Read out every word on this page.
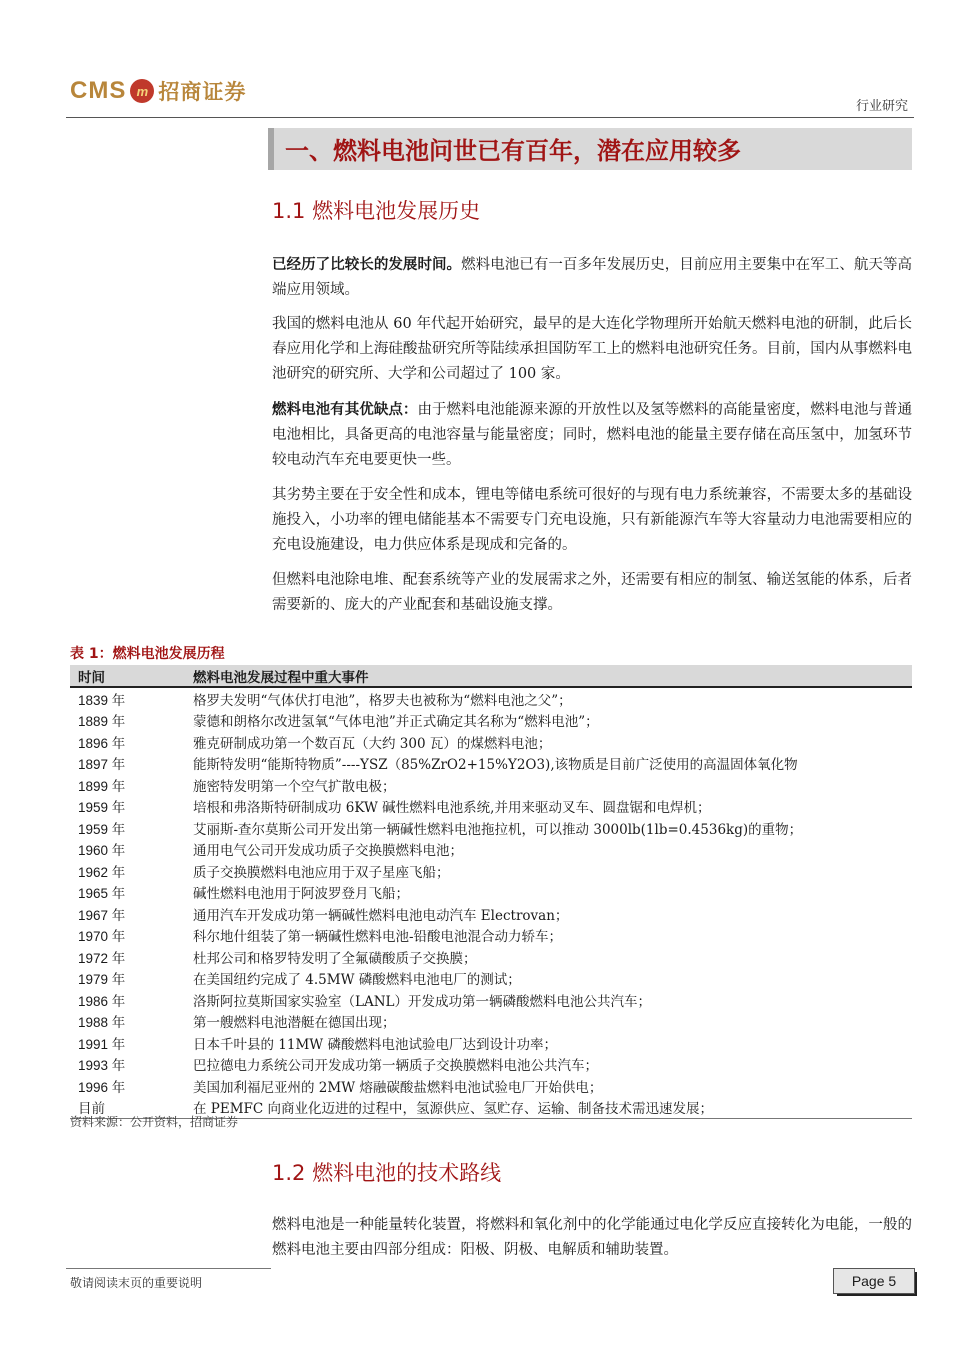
CMS m 招商证券
行业研究
一、燃料电池问世已有百年，潜在应用较多
1.1 燃料电池发展历史
已经历了比较长的发展时间。燃料电池已有一百多年发展历史，目前应用主要集中在军工、航天等高端应用领域。
我国的燃料电池从 60 年代起开始研究，最早的是大连化学物理所开始航天燃料电池的研制，此后长春应用化学和上海硅酸盐研究所等陆续承担国防军工上的燃料电池研究任务。目前，国内从事燃料电池研究的研究所、大学和公司超过了 100 家。
燃料电池有其优缺点：由于燃料电池能源来源的开放性以及氢等燃料的高能量密度，燃料电池与普通电池相比，具备更高的电池容量与能量密度；同时，燃料电池的能量主要存储在高压氢中，加氢环节较电动汽车充电要更快一些。
其劣势主要在于安全性和成本，锂电等储电系统可很好的与现有电力系统兼容，不需要太多的基础设施投入，小功率的锂电储能基本不需要专门充电设施，只有新能源汽车等大容量动力电池需要相应的充电设施建设，电力供应体系是现成和完备的。
但燃料电池除电堆、配套系统等产业的发展需求之外，还需要有相应的制氢、输送氢能的体系，后者需要新的、庞大的产业配套和基础设施支撑。
表 1：燃料电池发展历程
时间	燃料电池发展过程中重大事件
1839 年	格罗夫发明“气体伏打电池”，格罗夫也被称为“燃料电池之父”；
1889 年	蒙德和朗格尔改进氢氧“气体电池”并正式确定其名称为“燃料电池”；
1896 年	雅克研制成功第一个数百瓦（大约 300 瓦）的煤燃料电池；
1897 年	能斯特发明“能斯特物质”----YSZ（85%ZrO2+15%Y2O3),该物质是目前广泛使用的高温固体氧化物
1899 年	施密特发明第一个空气扩散电极；
1959 年	培根和弗洛斯特研制成功 6KW 碱性燃料电池系统,并用来驱动叉车、圆盘锯和电焊机；
1959 年	艾丽斯-查尔莫斯公司开发出第一辆碱性燃料电池拖拉机，可以推动 3000lb(1lb=0.4536kg)的重物；
1960 年	通用电气公司开发成功质子交换膜燃料电池；
1962 年	质子交换膜燃料电池应用于双子星座飞船；
1965 年	碱性燃料电池用于阿波罗登月飞船；
1967 年	通用汽车开发成功第一辆碱性燃料电池电动汽车 Electrovan；
1970 年	科尔地什组装了第一辆碱性燃料电池-铅酸电池混合动力轿车；
1972 年	杜邦公司和格罗特发明了全氟磺酸质子交换膜；
1979 年	在美国纽约完成了 4.5MW 磷酸燃料电池电厂的测试；
1986 年	洛斯阿拉莫斯国家实验室（LANL）开发成功第一辆磷酸燃料电池公共汽车；
1988 年	第一艘燃料电池潜艇在德国出现；
1991 年	日本千叶县的 11MW 磷酸燃料电池试验电厂达到设计功率；
1993 年	巴拉德电力系统公司开发成功第一辆质子交换膜燃料电池公共汽车；
1996 年	美国加利福尼亚州的 2MW 熔融碳酸盐燃料电池试验电厂开始供电；
目前	在 PEMFC 向商业化迈进的过程中，氢源供应、氢贮存、运输、制备技术需迅速发展；
资料来源：公开资料，招商证券
1.2 燃料电池的技术路线
燃料电池是一种能量转化装置，将燃料和氧化剂中的化学能通过电化学反应直接转化为电能，一般的燃料电池主要由四部分组成：阳极、阴极、电解质和辅助装置。
敬请阅读末页的重要说明	Page 5
